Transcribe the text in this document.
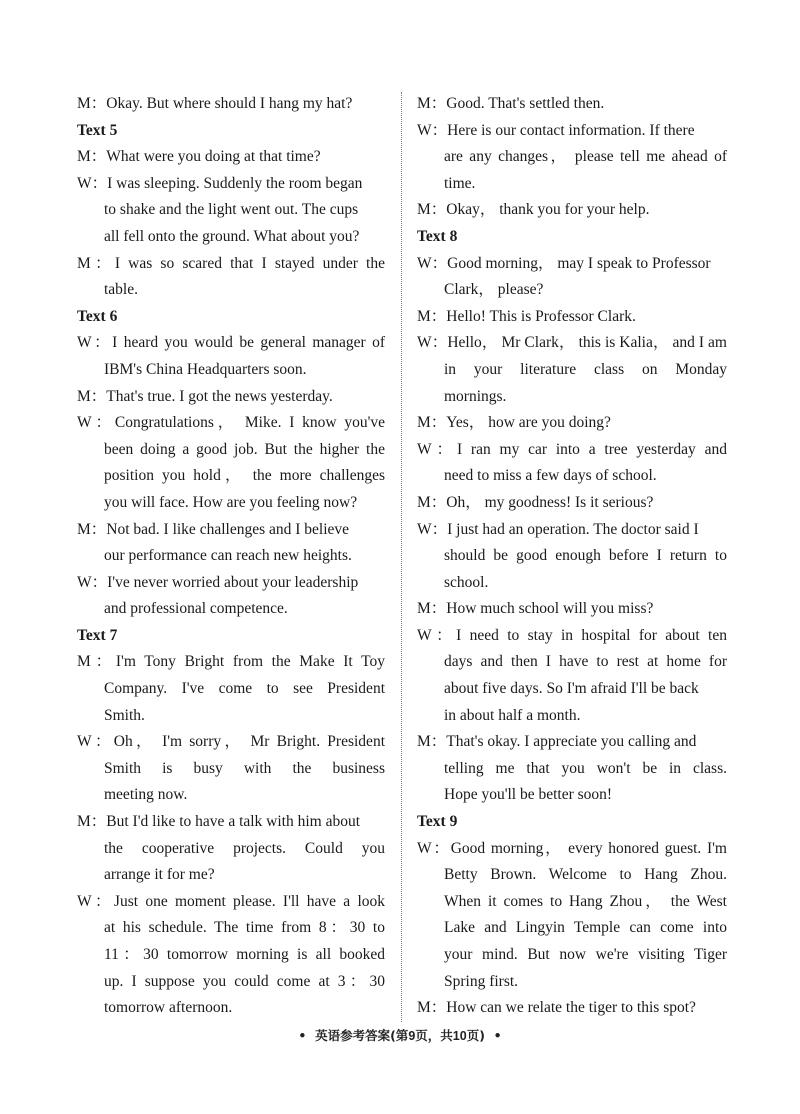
M：Okay. But where should I hang my hat?
Text 5
M：What were you doing at that time?
W：I was sleeping. Suddenly the room began
to shake and the light went out. The cups
all fell onto the ground. What about you?
M：I was so scared that I stayed under the
table.
Text 6
W：I heard you would be general manager of
IBM's China Headquarters soon.
M：That's true. I got the news yesterday.
W：Congratulations， Mike. I know you've
been doing a good job. But the higher the
position you hold， the more challenges
you will face. How are you feeling now?
M：Not bad. I like challenges and I believe
our performance can reach new heights.
W：I've never worried about your leadership
and professional competence.
Text 7
M：I'm Tony Bright from the Make It Toy
Company. I've come to see President
Smith.
W：Oh， I'm sorry， Mr Bright. President
Smith is busy with the business
meeting now.
M：But I'd like to have a talk with him about
the cooperative projects. Could you
arrange it for me?
W：Just one moment please. I'll have a look
at his schedule. The time from 8：30 to
11：30 tomorrow morning is all booked
up. I suppose you could come at 3：30
tomorrow afternoon.
M：Good. That's settled then.
W：Here is our contact information. If there
are any changes， please tell me ahead of
time.
M：Okay， thank you for your help.
Text 8
W：Good morning， may I speak to Professor
Clark， please?
M：Hello! This is Professor Clark.
W：Hello， Mr Clark， this is Kalia， and I am
in your literature class on Monday
mornings.
M：Yes， how are you doing?
W：I ran my car into a tree yesterday and
need to miss a few days of school.
M：Oh， my goodness! Is it serious?
W：I just had an operation. The doctor said I
should be good enough before I return to
school.
M：How much school will you miss?
W：I need to stay in hospital for about ten
days and then I have to rest at home for
about five days. So I'm afraid I'll be back
in about half a month.
M：That's okay. I appreciate you calling and
telling me that you won't be in class.
Hope you'll be better soon!
Text 9
W：Good morning， every honored guest. I'm
Betty Brown. Welcome to Hang Zhou.
When it comes to Hang Zhou， the West
Lake and Lingyin Temple can come into
your mind. But now we're visiting Tiger
Spring first.
M：How can we relate the tiger to this spot?
• 英语参考答案(第9页，共10页) •
